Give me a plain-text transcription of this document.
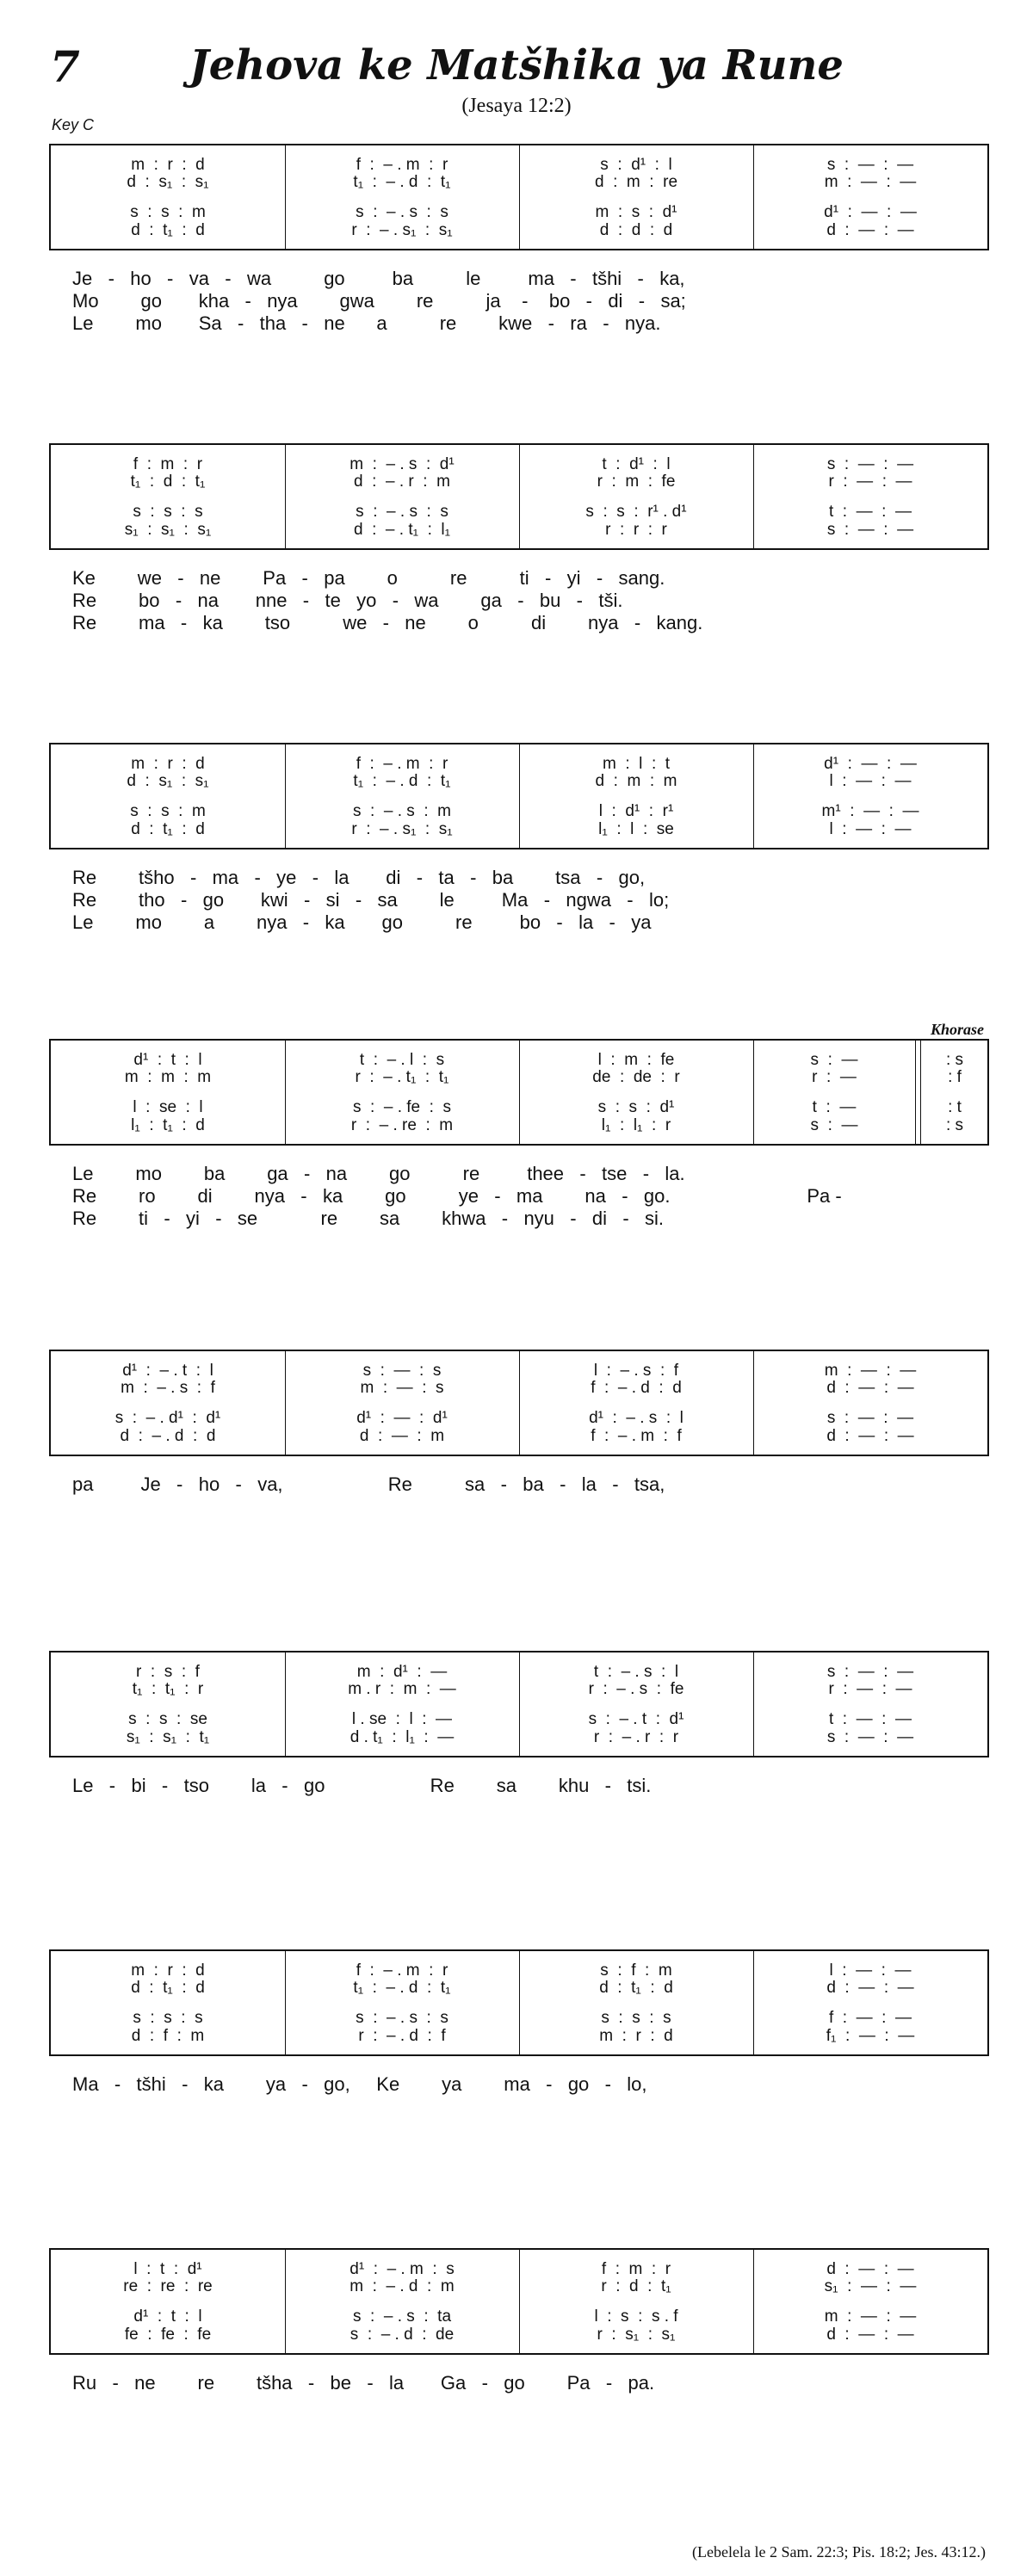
7	Jehova ke Matšhika ya Rune
(Jesaya 12:2)
Key C
Khorase
m  :  r  :  d
d  :  s₁  :  s₁
s  :  s  :  m
d  :  t₁  :  d
f  :  – . m  :  r
t₁  :  – . d  :  t₁
s  :  – . s  :  s
r  :  – . s₁  :  s₁
s  :  d¹  :  l
d  :  m  :  re
m  :  s  :  d¹
d  :  d  :  d
s  :  —  :  —
m  :  —  :  —
d¹  :  —  :  —
d  :  —  :  —
Je   -   ho   -   va   -   wa          go         ba          le         ma   -   tšhi   -   ka,
Mo        go       kha   -   nya        gwa        re          ja    -    bo   -   di   -   sa;
Le        mo       Sa   -   tha   -   ne      a          re        kwe   -   ra   -   nya.
f  :  m  :  r
t₁  :  d  :  t₁
s  :  s  :  s
s₁  :  s₁  :  s₁
m  :  – . s  :  d¹
d  :  – . r  :  m
s  :  – . s  :  s
d  :  – . t₁  :  l₁
t  :  d¹  :  l
r  :  m  :  fe
s  :  s  :  r¹ . d¹
r  :  r  :  r
s  :  —  :  —
r  :  —  :  —
t  :  —  :  —
s  :  —  :  —
Ke        we   -   ne        Pa   -   pa        o          re          ti   -   yi   -   sang.
Re        bo   -   na       nne   -   te   yo   -   wa        ga   -   bu   -   tši.
Re        ma   -   ka        tso          we   -   ne        o          di        nya   -   kang.
m  :  r  :  d
d  :  s₁  :  s₁
s  :  s  :  m
d  :  t₁  :  d
f  :  – . m  :  r
t₁  :  – . d  :  t₁
s  :  – . s  :  m
r  :  – . s₁  :  s₁
m  :  l  :  t
d  :  m  :  m
l  :  d¹  :  r¹
l₁  :  l  :  se
d¹  :  —  :  —
l  :  —  :  —
m¹  :  —  :  —
l  :  —  :  —
Re        tšho   -   ma   -   ye   -   la       di   -   ta   -   ba        tsa   -   go,
Re        tho   -   go       kwi   -   si   -   sa        le         Ma   -   ngwa   -   lo;
Le        mo        a        nya   -   ka       go          re         bo   -   la   -   ya
d¹  :  t  :  l
m  :  m  :  m
l  :  se  :  l
l₁  :  t₁  :  d
t  :  – . l  :  s
r  :  – . t₁  :  t₁
s  :  – . fe  :  s
r  :  – . re  :  m
l  :  m  :  fe
de  :  de  :  r
s  :  s  :  d¹
l₁  :  l₁  :  r
s  :  —
r  :  —
t  :  —
s  :  —
: s
: f
: t
: s
Le        mo        ba        ga   -   na        go          re         thee   -   tse   -   la.
Re        ro        di        nya   -   ka        go          ye   -   ma        na   -   go.                          Pa -
Re        ti   -   yi   -   se            re        sa        khwa   -   nyu   -   di   -   si.
d¹  :  – . t  :  l
m  :  – . s  :  f
s  :  – . d¹  :  d¹
d  :  – . d  :  d
s  :  —  :  s
m  :  —  :  s
d¹  :  —  :  d¹
d  :  —  :  m
l  :  – . s  :  f
f  :  – . d  :  d
d¹  :  – . s  :  l
f  :  – . m  :  f
m  :  —  :  —
d  :  —  :  —
s  :  —  :  —
d  :  —  :  —
pa         Je   -   ho   -   va,                    Re          sa   -   ba   -   la   -   tsa,
r  :  s  :  f
t₁  :  t₁  :  r
s  :  s  :  se
s₁  :  s₁  :  t₁
m  :  d¹  :  —
m . r  :  m  :  —
l . se  :  l  :  —
d . t₁  :  l₁  :  —
t  :  – . s  :  l
r  :  – . s  :  fe
s  :  – . t  :  d¹
r  :  – . r  :  r
s  :  —  :  —
r  :  —  :  —
t  :  —  :  —
s  :  —  :  —
Le   -   bi   -   tso        la   -   go                    Re        sa        khu   -   tsi.
m  :  r  :  d
d  :  t₁  :  d
s  :  s  :  s
d  :  f  :  m
f  :  – . m  :  r
t₁  :  – . d  :  t₁
s  :  – . s  :  s
r  :  – . d  :  f
s  :  f  :  m
d  :  t₁  :  d
s  :  s  :  s
m  :  r  :  d
l  :  —  :  —
d  :  —  :  —
f  :  —  :  —
f₁  :  —  :  —
Ma   -   tšhi   -   ka        ya   -   go,     Ke        ya        ma   -   go   -   lo,
l  :  t  :  d¹
re  :  re  :  re
d¹  :  t  :  l
fe  :  fe  :  fe
d¹  :  – . m  :  s
m  :  – . d  :  m
s  :  – . s  :  ta
s  :  – . d  :  de
f  :  m  :  r
r  :  d  :  t₁
l  :  s  :  s . f
r  :  s₁  :  s₁
d  :  —  :  —
s₁  :  —  :  —
m  :  —  :  —
d  :  —  :  —
Ru   -   ne        re        tšha   -   be   -   la       Ga   -   go        Pa   -   pa.
(Lebelela le 2 Sam. 22:3; Pis. 18:2; Jes. 43:12.)
